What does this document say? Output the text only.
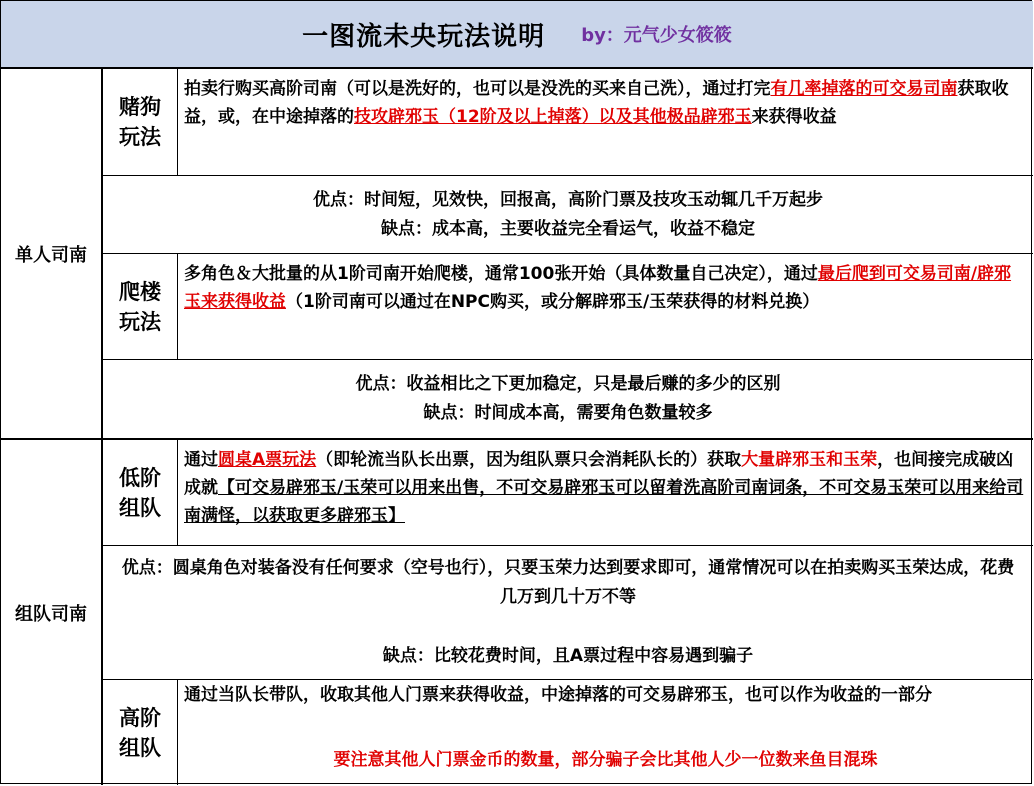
一图流未央玩法说明 by：元气少女筱筱
单人司南
组队司南
赌狗
玩法
拍卖行购买高阶司南（可以是洗好的，也可以是没洗的买来自己洗），通过打完有几率掉落的可交易司南获取收益，或，在中途掉落的技攻辟邪玉（12阶及以上掉落）以及其他极品辟邪玉来获得收益
优点：时间短，见效快，回报高，高阶门票及技攻玉动辄几千万起步
缺点：成本高，主要收益完全看运气，收益不稳定
爬楼
玩法
多角色＆大批量的从1阶司南开始爬楼，通常100张开始（具体数量自己决定），通过最后爬到可交易司南/辟邪玉来获得收益（1阶司南可以通过在NPC购买，或分解辟邪玉/玉荣获得的材料兑换）
优点：收益相比之下更加稳定，只是最后赚的多少的区别
缺点：时间成本高，需要角色数量较多
低阶
组队
通过圆桌A票玩法（即轮流当队长出票，因为组队票只会消耗队长的）获取大量辟邪玉和玉荣，也间接完成破凶成就【可交易辟邪玉/玉荣可以用来出售，不可交易辟邪玉可以留着洗高阶司南词条，不可交易玉荣可以用来给司南满怪，以获取更多辟邪玉】
优点：圆桌角色对装备没有任何要求（空号也行），只要玉荣力达到要求即可，通常情况可以在拍卖购买玉荣达成，花费几万到几十万不等
缺点：比较花费时间，且A票过程中容易遇到骗子
高阶
组队
通过当队长带队，收取其他人门票来获得收益，中途掉落的可交易辟邪玉，也可以作为收益的一部分
要注意其他人门票金币的数量，部分骗子会比其他人少一位数来鱼目混珠
